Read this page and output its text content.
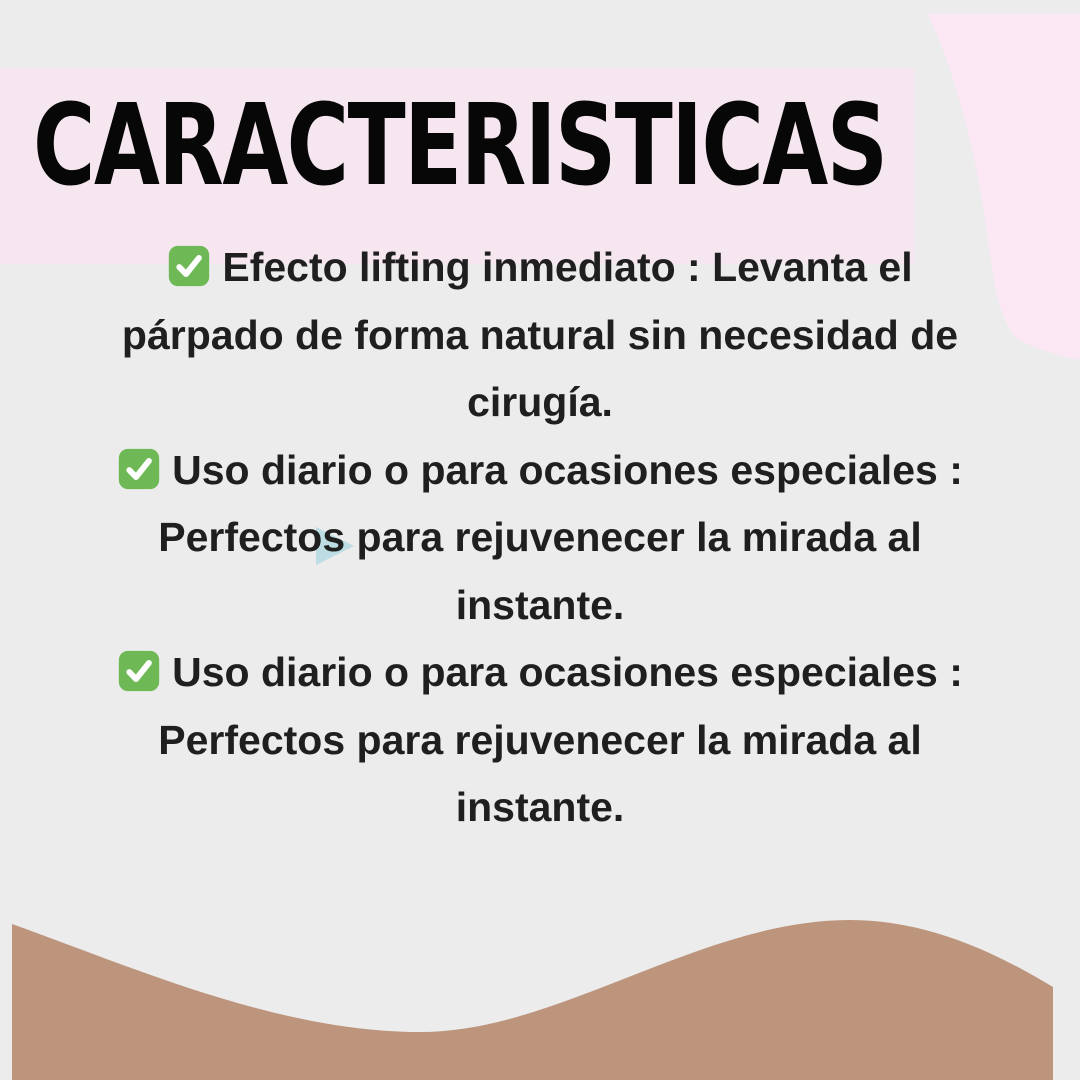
CARACTERISTICAS

Efecto lifting inmediato : Levanta el
párpado de forma natural sin necesidad de
cirugía.

Uso diario o para ocasiones especiales :
Perfectos para rejuvenecer la mirada al
instante.

Uso diario o para ocasiones especiales :
Perfectos para rejuvenecer la mirada al
instante.
